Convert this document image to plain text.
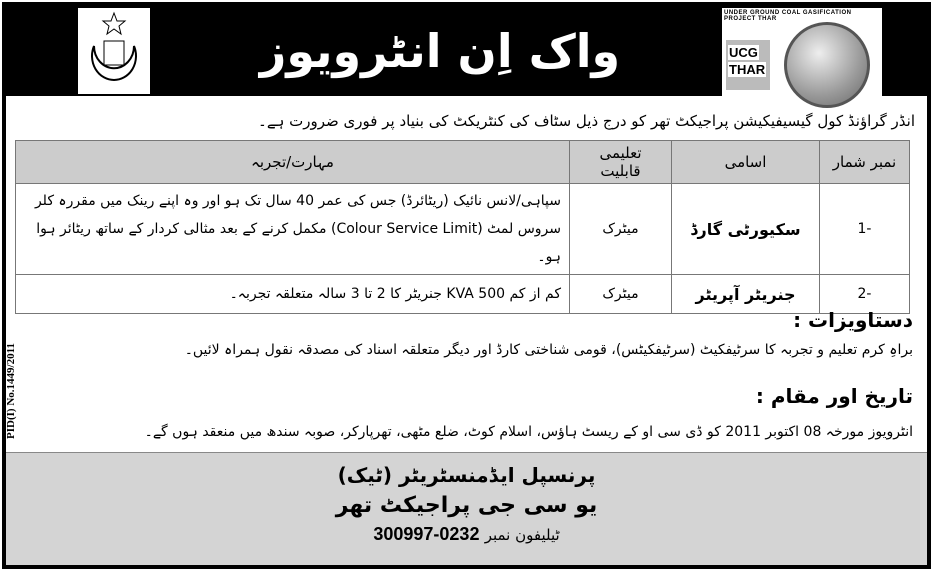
واک اِن انٹرویوز
UNDER GROUND COAL GASIFICATION PROJECT THAR
UCG
THAR
انڈر گراؤنڈ کول گیسیفیکیشن پراجیکٹ تھر کو درج ذیل سٹاف کی کنٹریکٹ کی بنیاد پر فوری ضرورت ہے۔
نمبر شمار	اسامی	تعلیمی قابلیت	مہارت/تجربہ
-1	سکیورٹی گارڈ	میٹرک	سپاہی/لانس نائیک (ریٹائرڈ) جس کی عمر 40 سال تک ہو اور وہ اپنے رینک میں مقررہ کلر سروس لمٹ (Colour Service Limit) مکمل کرنے کے بعد مثالی کردار کے ساتھ ریٹائر ہوا ہو۔
-2	جنریٹر آپریٹر	میٹرک	کم از کم 500 KVA جنریٹر کا 2 تا 3 سالہ متعلقہ تجربہ۔
دستاویزات :
براہِ کرم تعلیم و تجربہ کا سرٹیفکیٹ (سرٹیفکیٹس)، قومی شناختی کارڈ اور دیگر متعلقہ اسناد کی مصدقہ نقول ہمراہ لائیں۔
تاریخ اور مقام :
انٹرویوز مورخہ 08 اکتوبر 2011 کو ڈی سی او کے ریسٹ ہاؤس، اسلام کوٹ، ضلع مٹھی، تھرپارکر، صوبہ سندھ میں منعقد ہوں گے۔
PID(I) No.1449/2011
پرنسپل ایڈمنسٹریٹر (ٹیک)
یو سی جی پراجیکٹ تھر
ٹیلیفون نمبر 0232-300997
